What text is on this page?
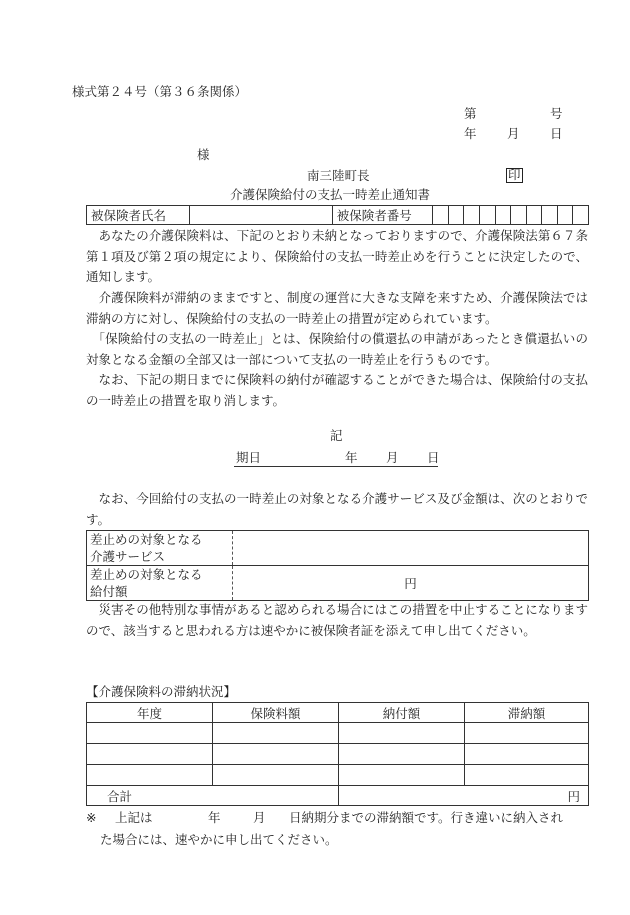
様式第２４号（第３６条関係）
第	号
年 月 日
様
南三陸町長	印
介護保険給付の支払一時差止通知書
被保険者氏名		被保険者番号										
　あなたの介護保険料は、下記のとおり未納となっておりますので、介護保険法第６７条第１項及び第２項の規定により、保険給付の支払一時差止めを行うことに決定したので、通知します。
　介護保険料が滞納のままですと、制度の運営に大きな支障を来すため、介護保険法では滞納の方に対し、保険給付の支払の一時差止の措置が定められています。
　「保険給付の支払の一時差止」とは、保険給付の償還払の申請があったとき償還払いの対象となる金額の全部又は一部について支払の一時差止を行うものです。
　なお、下記の期日までに保険料の納付が確認することができた場合は、保険給付の支払の一時差止の措置を取り消します。
記
期日	年 月 日
　なお、今回給付の支払の一時差止の対象となる介護サービス及び金額は、次のとおりです。
差止めの対象となる
介護サービス	

差止めの対象となる
給付額	円
　災害その他特別な事情があると認められる場合にはこの措置を中止することになりますので、該当すると思われる方は速やかに被保険者証を添えて申し出てください。
【介護保険料の滞納状況】
年度	保険料額	納付額	滞納額

合計		円	
※ 上記は	年	月 日納期分までの滞納額です。行き違いに納入され
た場合には、速やかに申し出てください。
